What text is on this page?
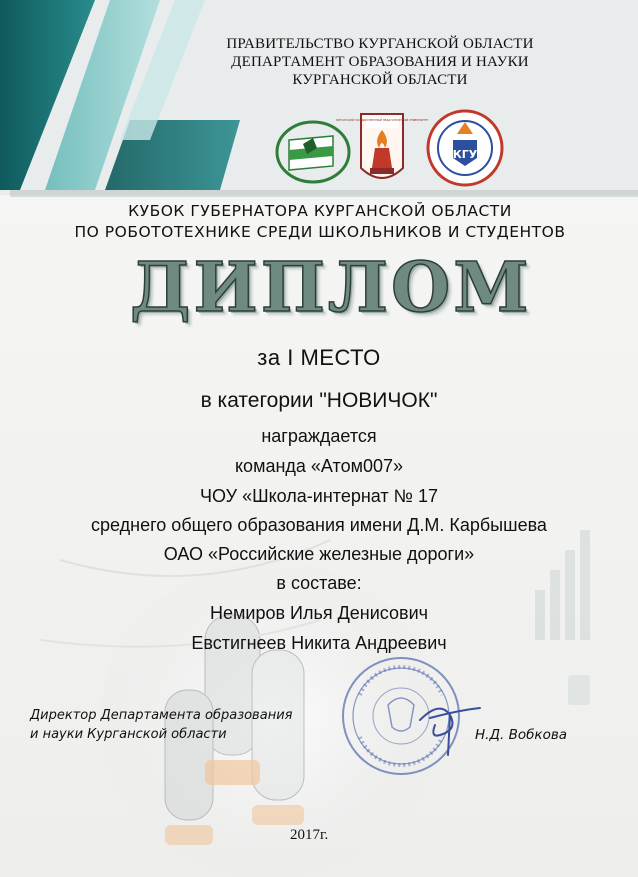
ПРАВИТЕЛЬСТВО КУРГАНСКОЙ ОБЛАСТИ
ДЕПАРТАМЕНТ ОБРАЗОВАНИЯ И НАУКИ
КУРГАНСКОЙ ОБЛАСТИ
КУРГАНСКИЙ ГОСУДАРСТВЕННЫЙ ПЕДАГОГИЧЕСКИЙ УНИВЕРСИТЕТ
КГУ
КУБОК ГУБЕРНАТОРА КУРГАНСКОЙ ОБЛАСТИ
ПО РОБОТОТЕХНИКЕ СРЕДИ ШКОЛЬНИКОВ И СТУДЕНТОВ
ДИПЛОМ
за I МЕСТО
в категории "НОВИЧОК"
награждается
команда «Атом007»
ЧОУ «Школа-интернат № 17
среднего общего образования имени Д.М. Карбышева
ОАО «Российские железные дороги»
в составе:
Немиров Илья Денисович
Евстигнеев Никита Андреевич
Директор Департамента образования
и науки Курганской области	Н.Д. Вобкова
2017г.
